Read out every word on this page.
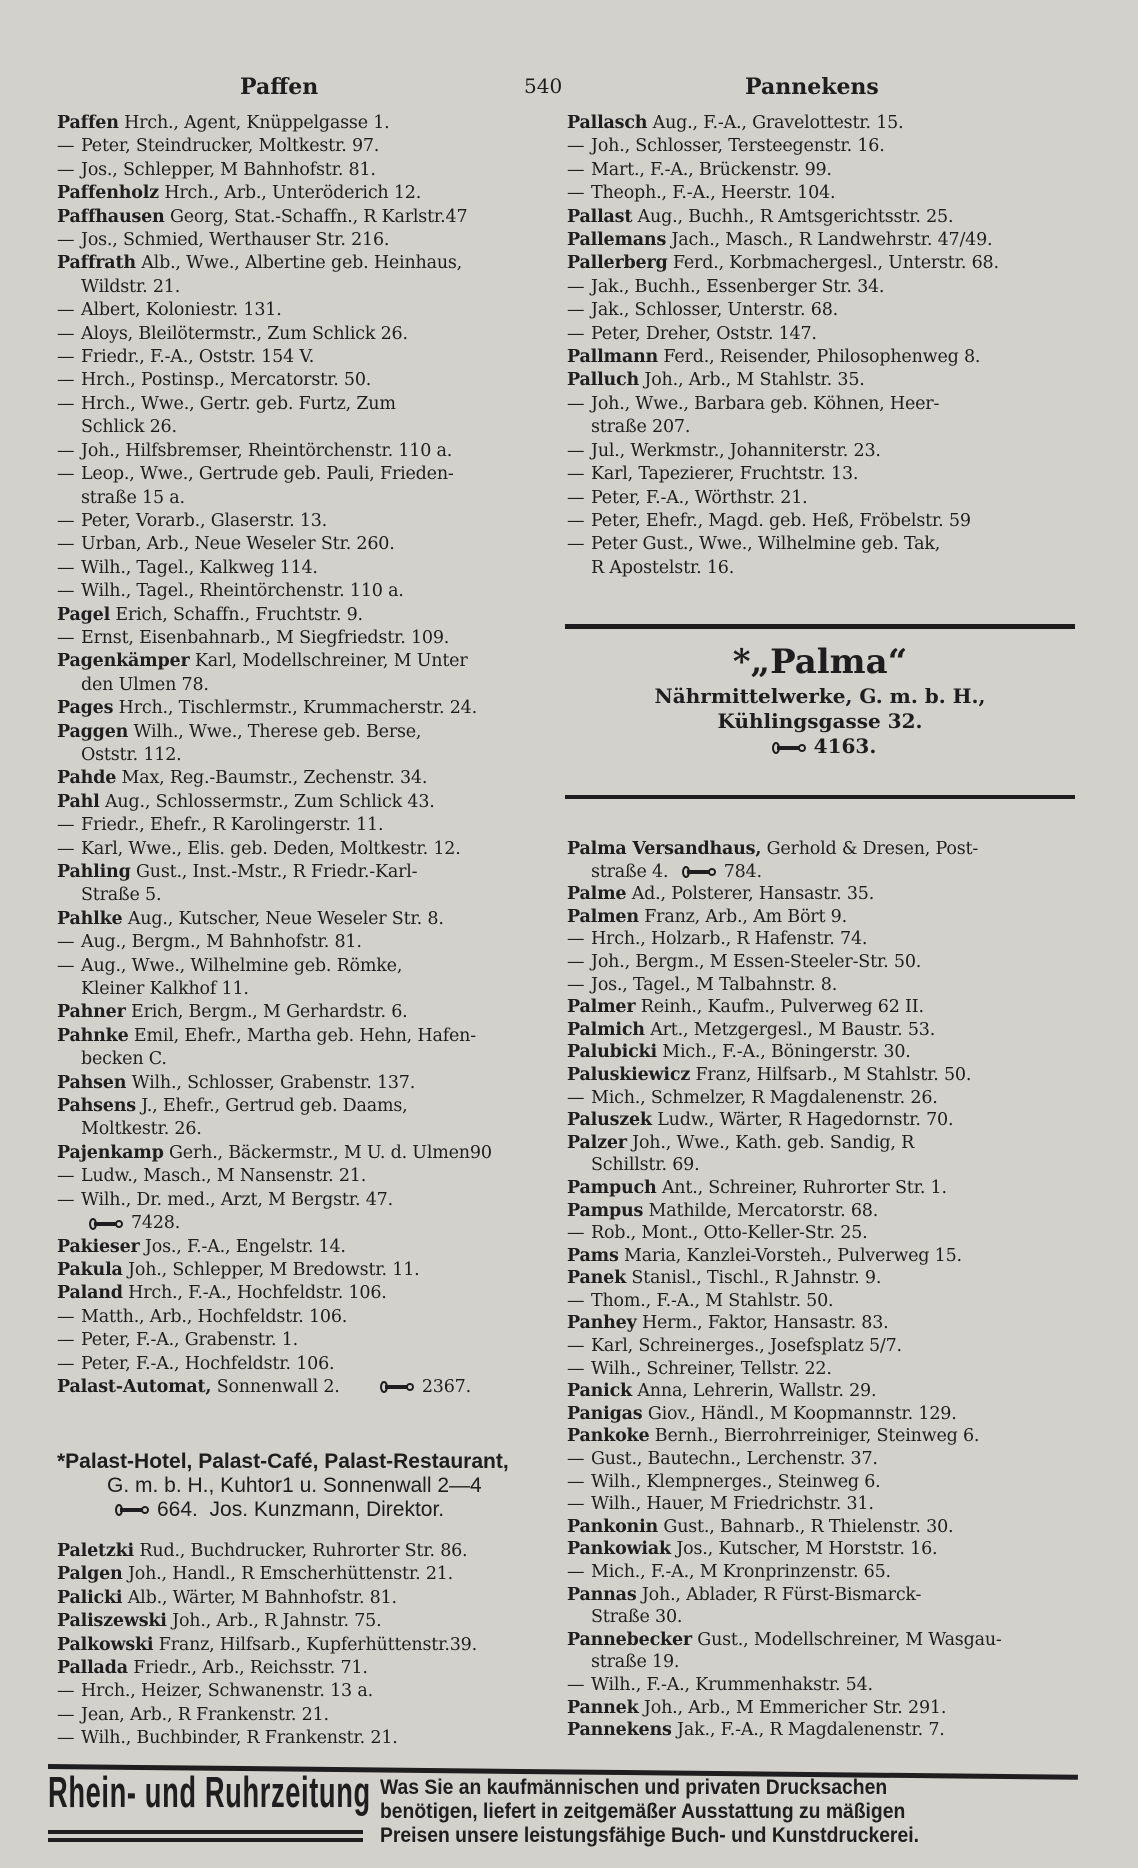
Paffen	540	Pannekens
Paffen Hrch., Agent, Knüppelgasse 1.
— Peter, Steindrucker, Moltkestr. 97.
— Jos., Schlepper, M Bahnhofstr. 81.
Paffenholz Hrch., Arb., Unteröderich 12.
Paffhausen Georg, Stat.-Schaffn., R Karlstr.47
— Jos., Schmied, Werthauser Str. 216.
Paffrath Alb., Wwe., Albertine geb. Heinhaus,
Wildstr. 21.
— Albert, Koloniestr. 131.
— Aloys, Bleilötermstr., Zum Schlick 26.
— Friedr., F.-A., Oststr. 154 V.
— Hrch., Postinsp., Mercatorstr. 50.
— Hrch., Wwe., Gertr. geb. Furtz, Zum
Schlick 26.
— Joh., Hilfsbremser, Rheintörchenstr. 110 a.
— Leop., Wwe., Gertrude geb. Pauli, Frieden-
straße 15 a.
— Peter, Vorarb., Glaserstr. 13.
— Urban, Arb., Neue Weseler Str. 260.
— Wilh., Tagel., Kalkweg 114.
— Wilh., Tagel., Rheintörchenstr. 110 a.
Pagel Erich, Schaffn., Fruchtstr. 9.
— Ernst, Eisenbahnarb., M Siegfriedstr. 109.
Pagenkämper Karl, Modellschreiner, M Unter
den Ulmen 78.
Pages Hrch., Tischlermstr., Krummacherstr. 24.
Paggen Wilh., Wwe., Therese geb. Berse,
Oststr. 112.
Pahde Max, Reg.-Baumstr., Zechenstr. 34.
Pahl Aug., Schlossermstr., Zum Schlick 43.
— Friedr., Ehefr., R Karolingerstr. 11.
— Karl, Wwe., Elis. geb. Deden, Moltkestr. 12.
Pahling Gust., Inst.-Mstr., R Friedr.-Karl-
Straße 5.
Pahlke Aug., Kutscher, Neue Weseler Str. 8.
— Aug., Bergm., M Bahnhofstr. 81.
— Aug., Wwe., Wilhelmine geb. Römke,
Kleiner Kalkhof 11.
Pahner Erich, Bergm., M Gerhardstr. 6.
Pahnke Emil, Ehefr., Martha geb. Hehn, Hafen-
becken C.
Pahsen Wilh., Schlosser, Grabenstr. 137.
Pahsens J., Ehefr., Gertrud geb. Daams,
Moltkestr. 26.
Pajenkamp Gerh., Bäckermstr., M U. d. Ulmen90
— Ludw., Masch., M Nansenstr. 21.
— Wilh., Dr. med., Arzt, M Bergstr. 47.
7428.
Pakieser Jos., F.-A., Engelstr. 14.
Pakula Joh., Schlepper, M Bredowstr. 11.
Paland Hrch., F.-A., Hochfeldstr. 106.
— Matth., Arb., Hochfeldstr. 106.
— Peter, F.-A., Grabenstr. 1.
— Peter, F.-A., Hochfeldstr. 106.
Palast-Automat, Sonnenwall 2.	2367.
*Palast-Hotel, Palast-Café, Palast-Restaurant,
G. m. b. H., Kuhtor1 u. Sonnenwall 2—4
664. Jos. Kunzmann, Direktor.
Paletzki Rud., Buchdrucker, Ruhrorter Str. 86.
Palgen Joh., Handl., R Emscherhüttenstr. 21.
Palicki Alb., Wärter, M Bahnhofstr. 81.
Paliszewski Joh., Arb., R Jahnstr. 75.
Palkowski Franz, Hilfsarb., Kupferhüttenstr.39.
Pallada Friedr., Arb., Reichsstr. 71.
— Hrch., Heizer, Schwanenstr. 13 a.
— Jean, Arb., R Frankenstr. 21.
— Wilh., Buchbinder, R Frankenstr. 21.
Pallasch Aug., F.-A., Gravelottestr. 15.
— Joh., Schlosser, Tersteegenstr. 16.
— Mart., F.-A., Brückenstr. 99.
— Theoph., F.-A., Heerstr. 104.
Pallast Aug., Buchh., R Amtsgerichtsstr. 25.
Pallemans Jach., Masch., R Landwehrstr. 47/49.
Pallerberg Ferd., Korbmachergesl., Unterstr. 68.
— Jak., Buchh., Essenberger Str. 34.
— Jak., Schlosser, Unterstr. 68.
— Peter, Dreher, Oststr. 147.
Pallmann Ferd., Reisender, Philosophenweg 8.
Palluch Joh., Arb., M Stahlstr. 35.
— Joh., Wwe., Barbara geb. Köhnen, Heer-
straße 207.
— Jul., Werkmstr., Johanniterstr. 23.
— Karl, Tapezierer, Fruchtstr. 13.
— Peter, F.-A., Wörthstr. 21.
— Peter, Ehefr., Magd. geb. Heß, Fröbelstr. 59
— Peter Gust., Wwe., Wilhelmine geb. Tak,
R Apostelstr. 16.
*„Palma“
Nährmittelwerke, G. m. b. H.,
Kühlingsgasse 32.
4163.
Palma Versandhaus, Gerhold & Dresen, Post-
straße 4.	784.
Palme Ad., Polsterer, Hansastr. 35.
Palmen Franz, Arb., Am Bört 9.
— Hrch., Holzarb., R Hafenstr. 74.
— Joh., Bergm., M Essen-Steeler-Str. 50.
— Jos., Tagel., M Talbahnstr. 8.
Palmer Reinh., Kaufm., Pulverweg 62 II.
Palmich Art., Metzgergesl., M Baustr. 53.
Palubicki Mich., F.-A., Böningerstr. 30.
Paluskiewicz Franz, Hilfsarb., M Stahlstr. 50.
— Mich., Schmelzer, R Magdalenenstr. 26.
Paluszek Ludw., Wärter, R Hagedornstr. 70.
Palzer Joh., Wwe., Kath. geb. Sandig, R
Schillstr. 69.
Pampuch Ant., Schreiner, Ruhrorter Str. 1.
Pampus Mathilde, Mercatorstr. 68.
— Rob., Mont., Otto-Keller-Str. 25.
Pams Maria, Kanzlei-Vorsteh., Pulverweg 15.
Panek Stanisl., Tischl., R Jahnstr. 9.
— Thom., F.-A., M Stahlstr. 50.
Panhey Herm., Faktor, Hansastr. 83.
— Karl, Schreinerges., Josefsplatz 5/7.
— Wilh., Schreiner, Tellstr. 22.
Panick Anna, Lehrerin, Wallstr. 29.
Panigas Giov., Händl., M Koopmannstr. 129.
Pankoke Bernh., Bierrohrreiniger, Steinweg 6.
— Gust., Bautechn., Lerchenstr. 37.
— Wilh., Klempnerges., Steinweg 6.
— Wilh., Hauer, M Friedrichstr. 31.
Pankonin Gust., Bahnarb., R Thielenstr. 30.
Pankowiak Jos., Kutscher, M Horststr. 16.
— Mich., F.-A., M Kronprinzenstr. 65.
Pannas Joh., Ablader, R Fürst-Bismarck-
Straße 30.
Pannebecker Gust., Modellschreiner, M Wasgau-
straße 19.
— Wilh., F.-A., Krummenhakstr. 54.
Pannek Joh., Arb., M Emmericher Str. 291.
Pannekens Jak., F.-A., R Magdalenenstr. 7.
Rhein- und Ruhrzeitung Was Sie an kaufmännischen und privaten Drucksachen
benötigen, liefert in zeitgemäßer Ausstattung zu mäßigen
Preisen unsere leistungsfähige Buch- und Kunstdruckerei.
